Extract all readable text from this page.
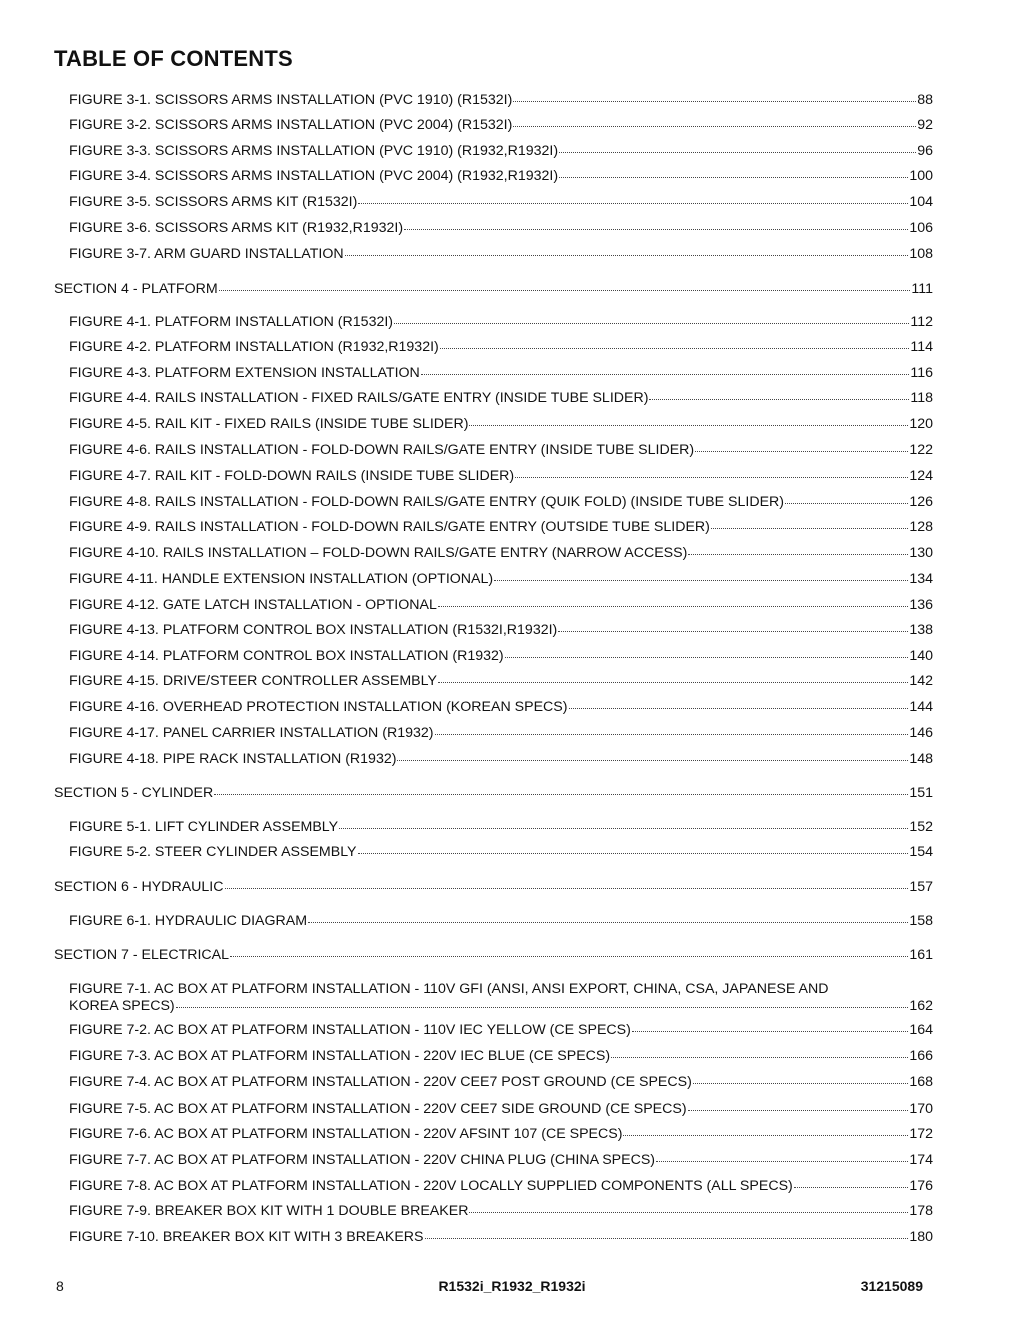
TABLE OF CONTENTS
FIGURE 3-1. SCISSORS ARMS INSTALLATION (PVC 1910) (R1532I)	88
FIGURE 3-2. SCISSORS ARMS INSTALLATION (PVC 2004) (R1532I)	92
FIGURE 3-3. SCISSORS ARMS INSTALLATION (PVC 1910) (R1932,R1932I)	96
FIGURE 3-4. SCISSORS ARMS INSTALLATION (PVC 2004) (R1932,R1932I)	100
FIGURE 3-5. SCISSORS ARMS KIT (R1532I)	104
FIGURE 3-6. SCISSORS ARMS KIT (R1932,R1932I)	106
FIGURE 3-7. ARM GUARD INSTALLATION	108
SECTION 4 - PLATFORM	111
FIGURE 4-1. PLATFORM INSTALLATION (R1532I)	112
FIGURE 4-2. PLATFORM INSTALLATION (R1932,R1932I)	114
FIGURE 4-3. PLATFORM EXTENSION INSTALLATION	116
FIGURE 4-4. RAILS INSTALLATION - FIXED RAILS/GATE ENTRY (INSIDE TUBE SLIDER)	118
FIGURE 4-5. RAIL KIT - FIXED RAILS (INSIDE TUBE SLIDER)	120
FIGURE 4-6. RAILS INSTALLATION - FOLD-DOWN RAILS/GATE ENTRY (INSIDE TUBE SLIDER)	122
FIGURE 4-7. RAIL KIT - FOLD-DOWN RAILS (INSIDE TUBE SLIDER)	124
FIGURE 4-8. RAILS INSTALLATION - FOLD-DOWN RAILS/GATE ENTRY (QUIK FOLD) (INSIDE TUBE SLIDER)	126
FIGURE 4-9. RAILS INSTALLATION - FOLD-DOWN RAILS/GATE ENTRY (OUTSIDE TUBE SLIDER)	128
FIGURE 4-10. RAILS INSTALLATION – FOLD-DOWN RAILS/GATE ENTRY (NARROW ACCESS)	130
FIGURE 4-11. HANDLE EXTENSION INSTALLATION (OPTIONAL)	134
FIGURE 4-12. GATE LATCH INSTALLATION - OPTIONAL	136
FIGURE 4-13. PLATFORM CONTROL BOX INSTALLATION (R1532I,R1932I)	138
FIGURE 4-14. PLATFORM CONTROL BOX INSTALLATION (R1932)	140
FIGURE 4-15. DRIVE/STEER CONTROLLER ASSEMBLY	142
FIGURE 4-16. OVERHEAD PROTECTION INSTALLATION (KOREAN SPECS)	144
FIGURE 4-17. PANEL CARRIER INSTALLATION (R1932)	146
FIGURE 4-18. PIPE RACK INSTALLATION (R1932)	148
SECTION 5 - CYLINDER	151
FIGURE 5-1. LIFT CYLINDER ASSEMBLY	152
FIGURE 5-2. STEER CYLINDER ASSEMBLY	154
SECTION 6 - HYDRAULIC	157
FIGURE 6-1. HYDRAULIC DIAGRAM	158
SECTION 7 - ELECTRICAL	161
FIGURE 7-1. AC BOX AT PLATFORM INSTALLATION - 110V GFI (ANSI, ANSI EXPORT, CHINA, CSA, JAPANESE AND
KOREA SPECS)	162
FIGURE 7-2. AC BOX AT PLATFORM INSTALLATION - 110V IEC YELLOW (CE SPECS)	164
FIGURE 7-3. AC BOX AT PLATFORM INSTALLATION - 220V IEC BLUE (CE SPECS)	166
FIGURE 7-4. AC BOX AT PLATFORM INSTALLATION - 220V CEE7 POST GROUND (CE SPECS)	168
FIGURE 7-5. AC BOX AT PLATFORM INSTALLATION - 220V CEE7 SIDE GROUND (CE SPECS)	170
FIGURE 7-6. AC BOX AT PLATFORM INSTALLATION - 220V AFSINT 107 (CE SPECS)	172
FIGURE 7-7. AC BOX AT PLATFORM INSTALLATION - 220V CHINA PLUG (CHINA SPECS)	174
FIGURE 7-8. AC BOX AT PLATFORM INSTALLATION - 220V LOCALLY SUPPLIED COMPONENTS (ALL SPECS)	176
FIGURE 7-9. BREAKER BOX KIT WITH 1 DOUBLE BREAKER	178
FIGURE 7-10. BREAKER BOX KIT WITH 3 BREAKERS	180
8	R1532i_R1932_R1932i	31215089
